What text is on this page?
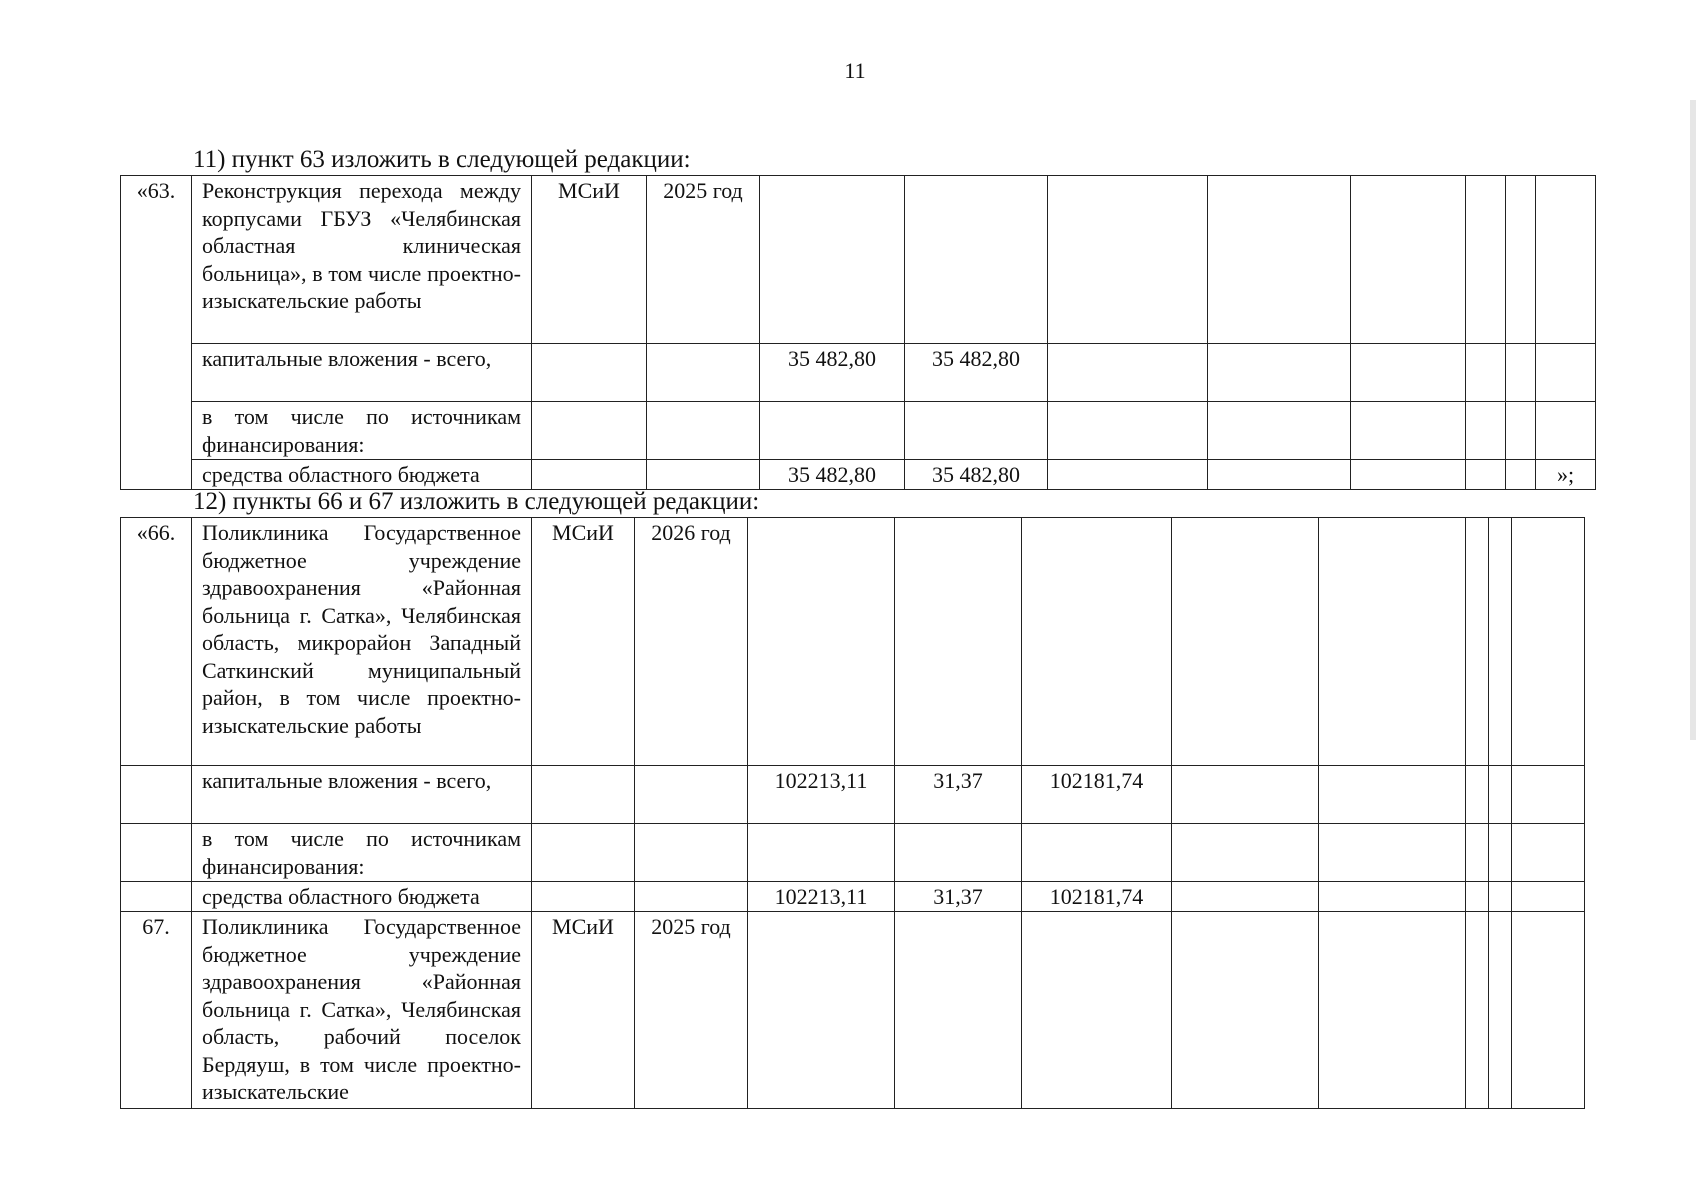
11
11) пункт 63 изложить в следующей редакции:
«63.	Реконструкция перехода между корпусами ГБУЗ «Челябинская областная клиническая больница», в том числе проектно-изыскательские работы	МСиИ	2025 год								
	капитальные вложения - всего,			35 482,80	35 482,80						
	в том числе по источникам финансирования:										
	средства областного бюджета			35 482,80	35 482,80						»;
12) пункты 66 и 67 изложить в следующей редакции:
«66.	Поликлиника Государственное бюджетное учреждение здравоохранения «Районная больница г. Сатка», Челябинская область, микрорайон Западный Саткинский муниципальный район, в том числе проектно-изыскательские работы	МСиИ	2026 год								
	капитальные вложения - всего,			102213,11	31,37	102181,74					
	в том числе по источникам финансирования:										
	средства областного бюджета			102213,11	31,37	102181,74					
67.	Поликлиника Государственное бюджетное учреждение здравоохранения «Районная больница г. Сатка», Челябинская область, рабочий поселок Бердяуш, в том числе проектно-изыскательские	МСиИ	2025 год								
